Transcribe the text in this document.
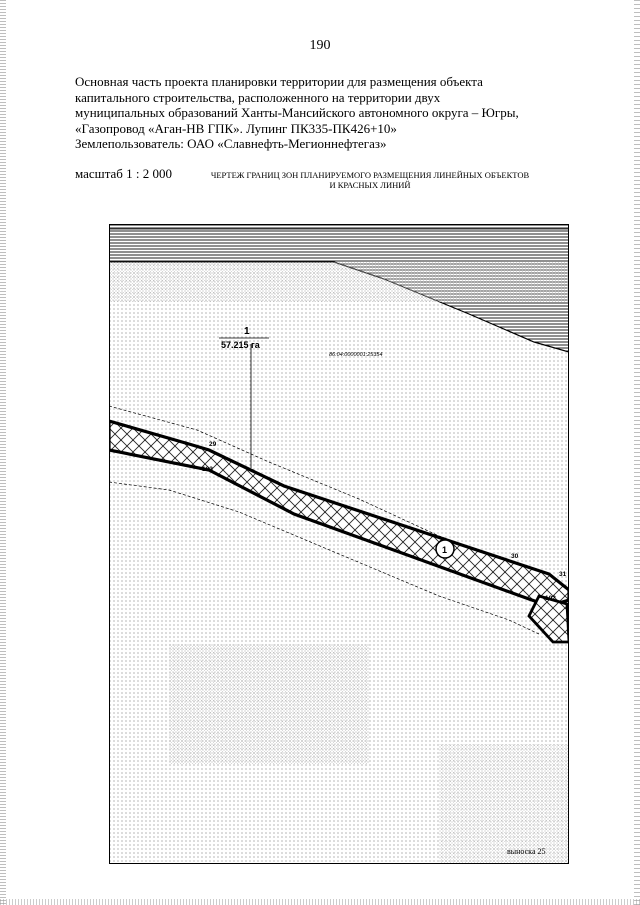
190
Основная часть проекта планировки территории для размещения объекта
капитального строительства, расположенного на территории двух
муниципальных образований Ханты-Мансийского автономного округа – Югры,
«Газопровод «Аган-НВ ГПК». Лупинг ПК335-ПК426+10»
Землепользователь: ОАО «Славнефть-Мегионнефтегаз»
масштаб 1 : 2 000	ЧЕРТЕЖ ГРАНИЦ ЗОН ПЛАНИРУЕМОГО РАЗМЕЩЕНИЯ ЛИНЕЙНЫХ ОБЪЕКТОВ
И КРАСНЫХ ЛИНИЙ
1
57.215 га
86:04:0000001:25354
29
103
30
31
102
1
выноска 25
